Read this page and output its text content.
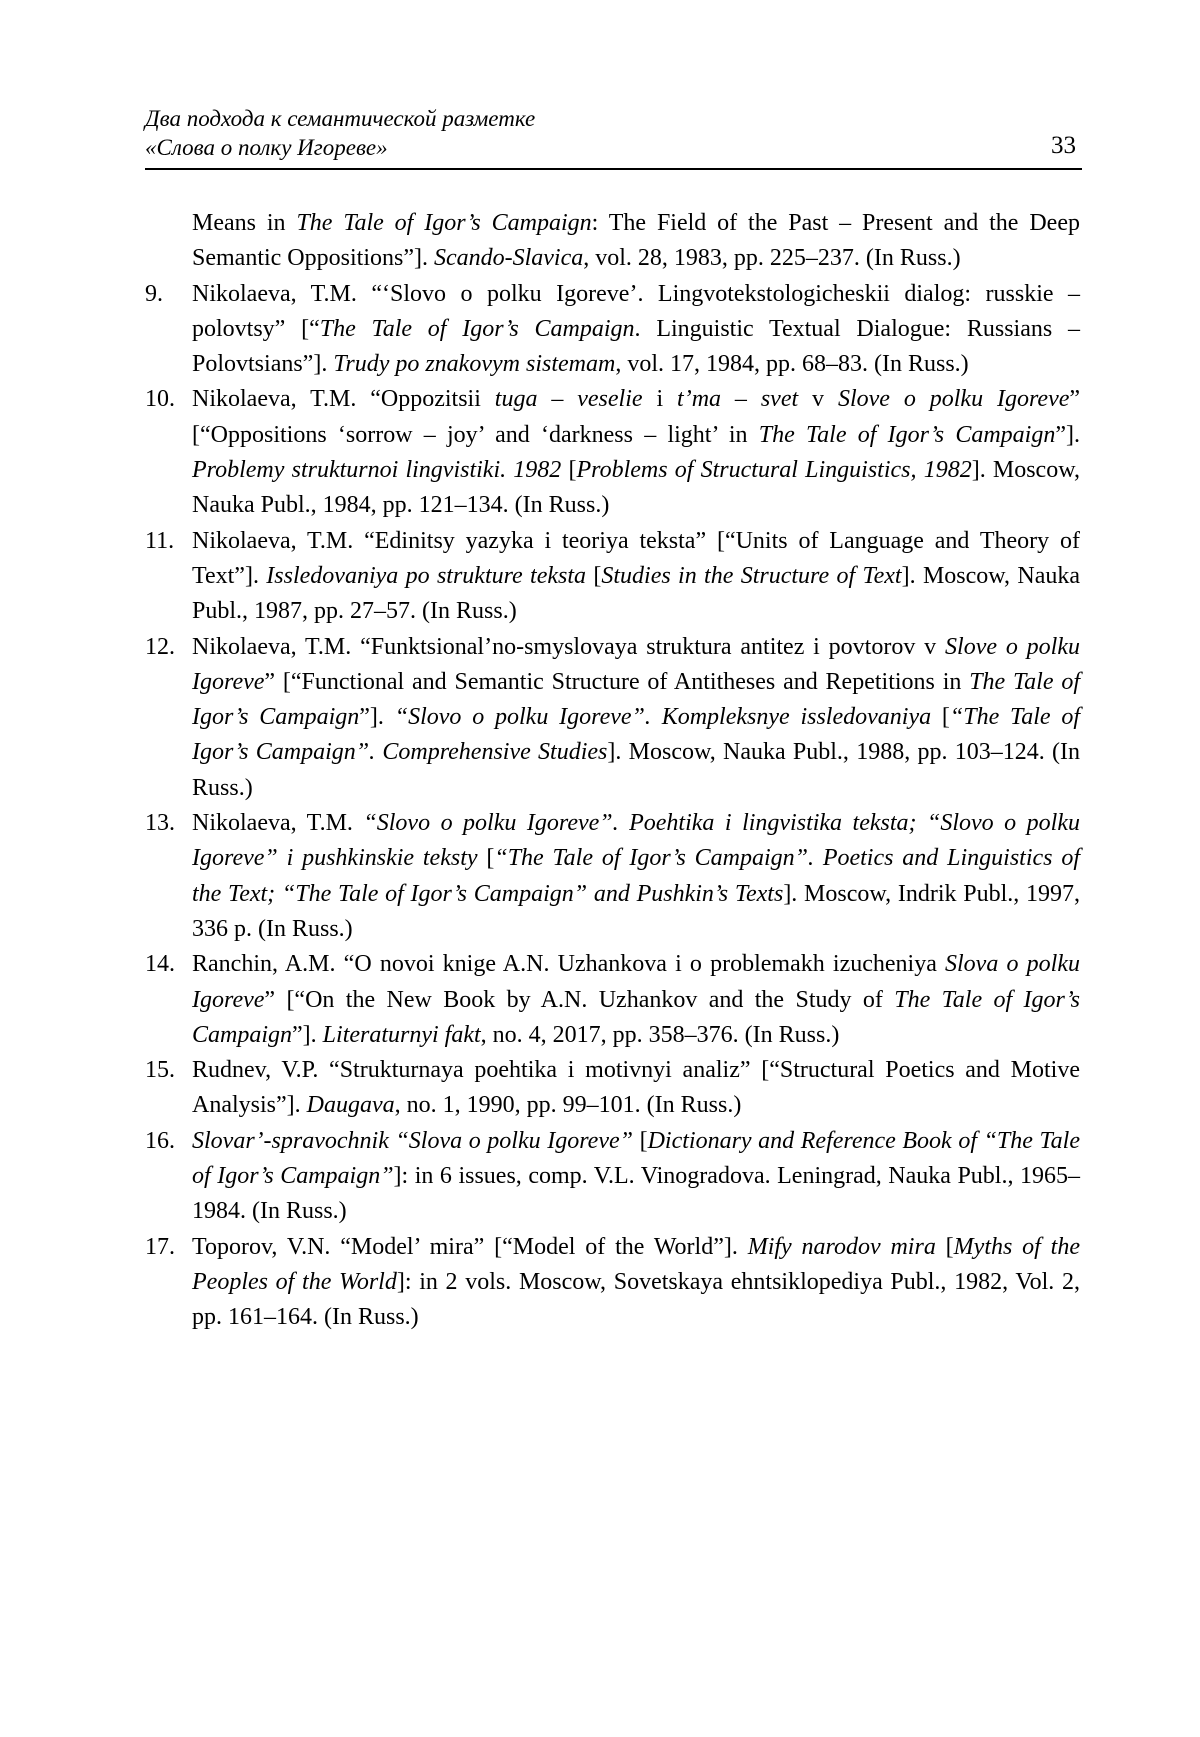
Два подхода к семантической разметке
«Слова о полку Игореве»	33
Means in The Tale of Igor’s Campaign: The Field of the Past – Present and the Deep Semantic Oppositions”]. Scando-Slavica, vol. 28, 1983, pp. 225–237. (In Russ.)
9.	Nikolaeva, T.M. “‘Slovo o polku Igoreve’. Lingvotekstologicheskii dialog: russkie – polovtsy” [“The Tale of Igor’s Campaign. Linguistic Textual Dialogue: Russians – Polovtsians”]. Trudy po znakovym sistemam, vol. 17, 1984, pp. 68–83. (In Russ.)
10. Nikolaeva, T.M. “Oppozitsii tuga – veselie i t’ma – svet v Slove o polku Igoreve” [“Oppositions ‘sorrow – joy’ and ‘darkness – light’ in The Tale of Igor’s Campaign”]. Problemy strukturnoi lingvistiki. 1982 [Problems of Structural Linguistics, 1982]. Moscow, Nauka Publ., 1984, pp. 121–134. (In Russ.)
11. Nikolaeva, T.M. “Edinitsy yazyka i teoriya teksta” [“Units of Language and Theory of Text”]. Issledovaniya po strukture teksta [Studies in the Structure of Text]. Moscow, Nauka Publ., 1987, pp. 27–57. (In Russ.)
12. Nikolaeva, T.M. “Funktsional’no-smyslovaya struktura antitez i povtorov v Slove o polku Igoreve” [“Functional and Semantic Structure of Antitheses and Repetitions in The Tale of Igor’s Campaign”]. “Slovo o polku Igoreve”. Kompleksnye issledovaniya [“The Tale of Igor’s Campaign”. Comprehensive Studies]. Moscow, Nauka Publ., 1988, pp. 103–124. (In Russ.)
13. Nikolaeva, T.M. “Slovo o polku Igoreve”. Poehtika i lingvistika teksta; “Slovo o polku Igoreve” i pushkinskie teksty [“The Tale of Igor’s Campaign”. Poetics and Linguistics of the Text; “The Tale of Igor’s Campaign” and Pushkin’s Texts]. Moscow, Indrik Publ., 1997, 336 p. (In Russ.)
14. Ranchin, A.M. “O novoi knige A.N. Uzhankova i o problemakh izucheniya Slova o polku Igoreve” [“On the New Book by A.N. Uzhankov and the Study of The Tale of Igor’s Campaign”]. Literaturnyi fakt, no. 4, 2017, pp. 358–376. (In Russ.)
15. Rudnev, V.P. “Strukturnaya poehtika i motivnyi analiz” [“Structural Poetics and Motive Analysis”]. Daugava, no. 1, 1990, pp. 99–101. (In Russ.)
16. Slovar’-spravochnik “Slova o polku Igoreve” [Dictionary and Reference Book of “The Tale of Igor’s Campaign”]: in 6 issues, comp. V.L. Vinogradova. Leningrad, Nauka Publ., 1965–1984. (In Russ.)
17. Toporov, V.N. “Model’ mira” [“Model of the World”]. Mify narodov mira [Myths of the Peoples of the World]: in 2 vols. Moscow, Sovetskaya ehntsiklopediya Publ., 1982, Vol. 2, pp. 161–164. (In Russ.)
